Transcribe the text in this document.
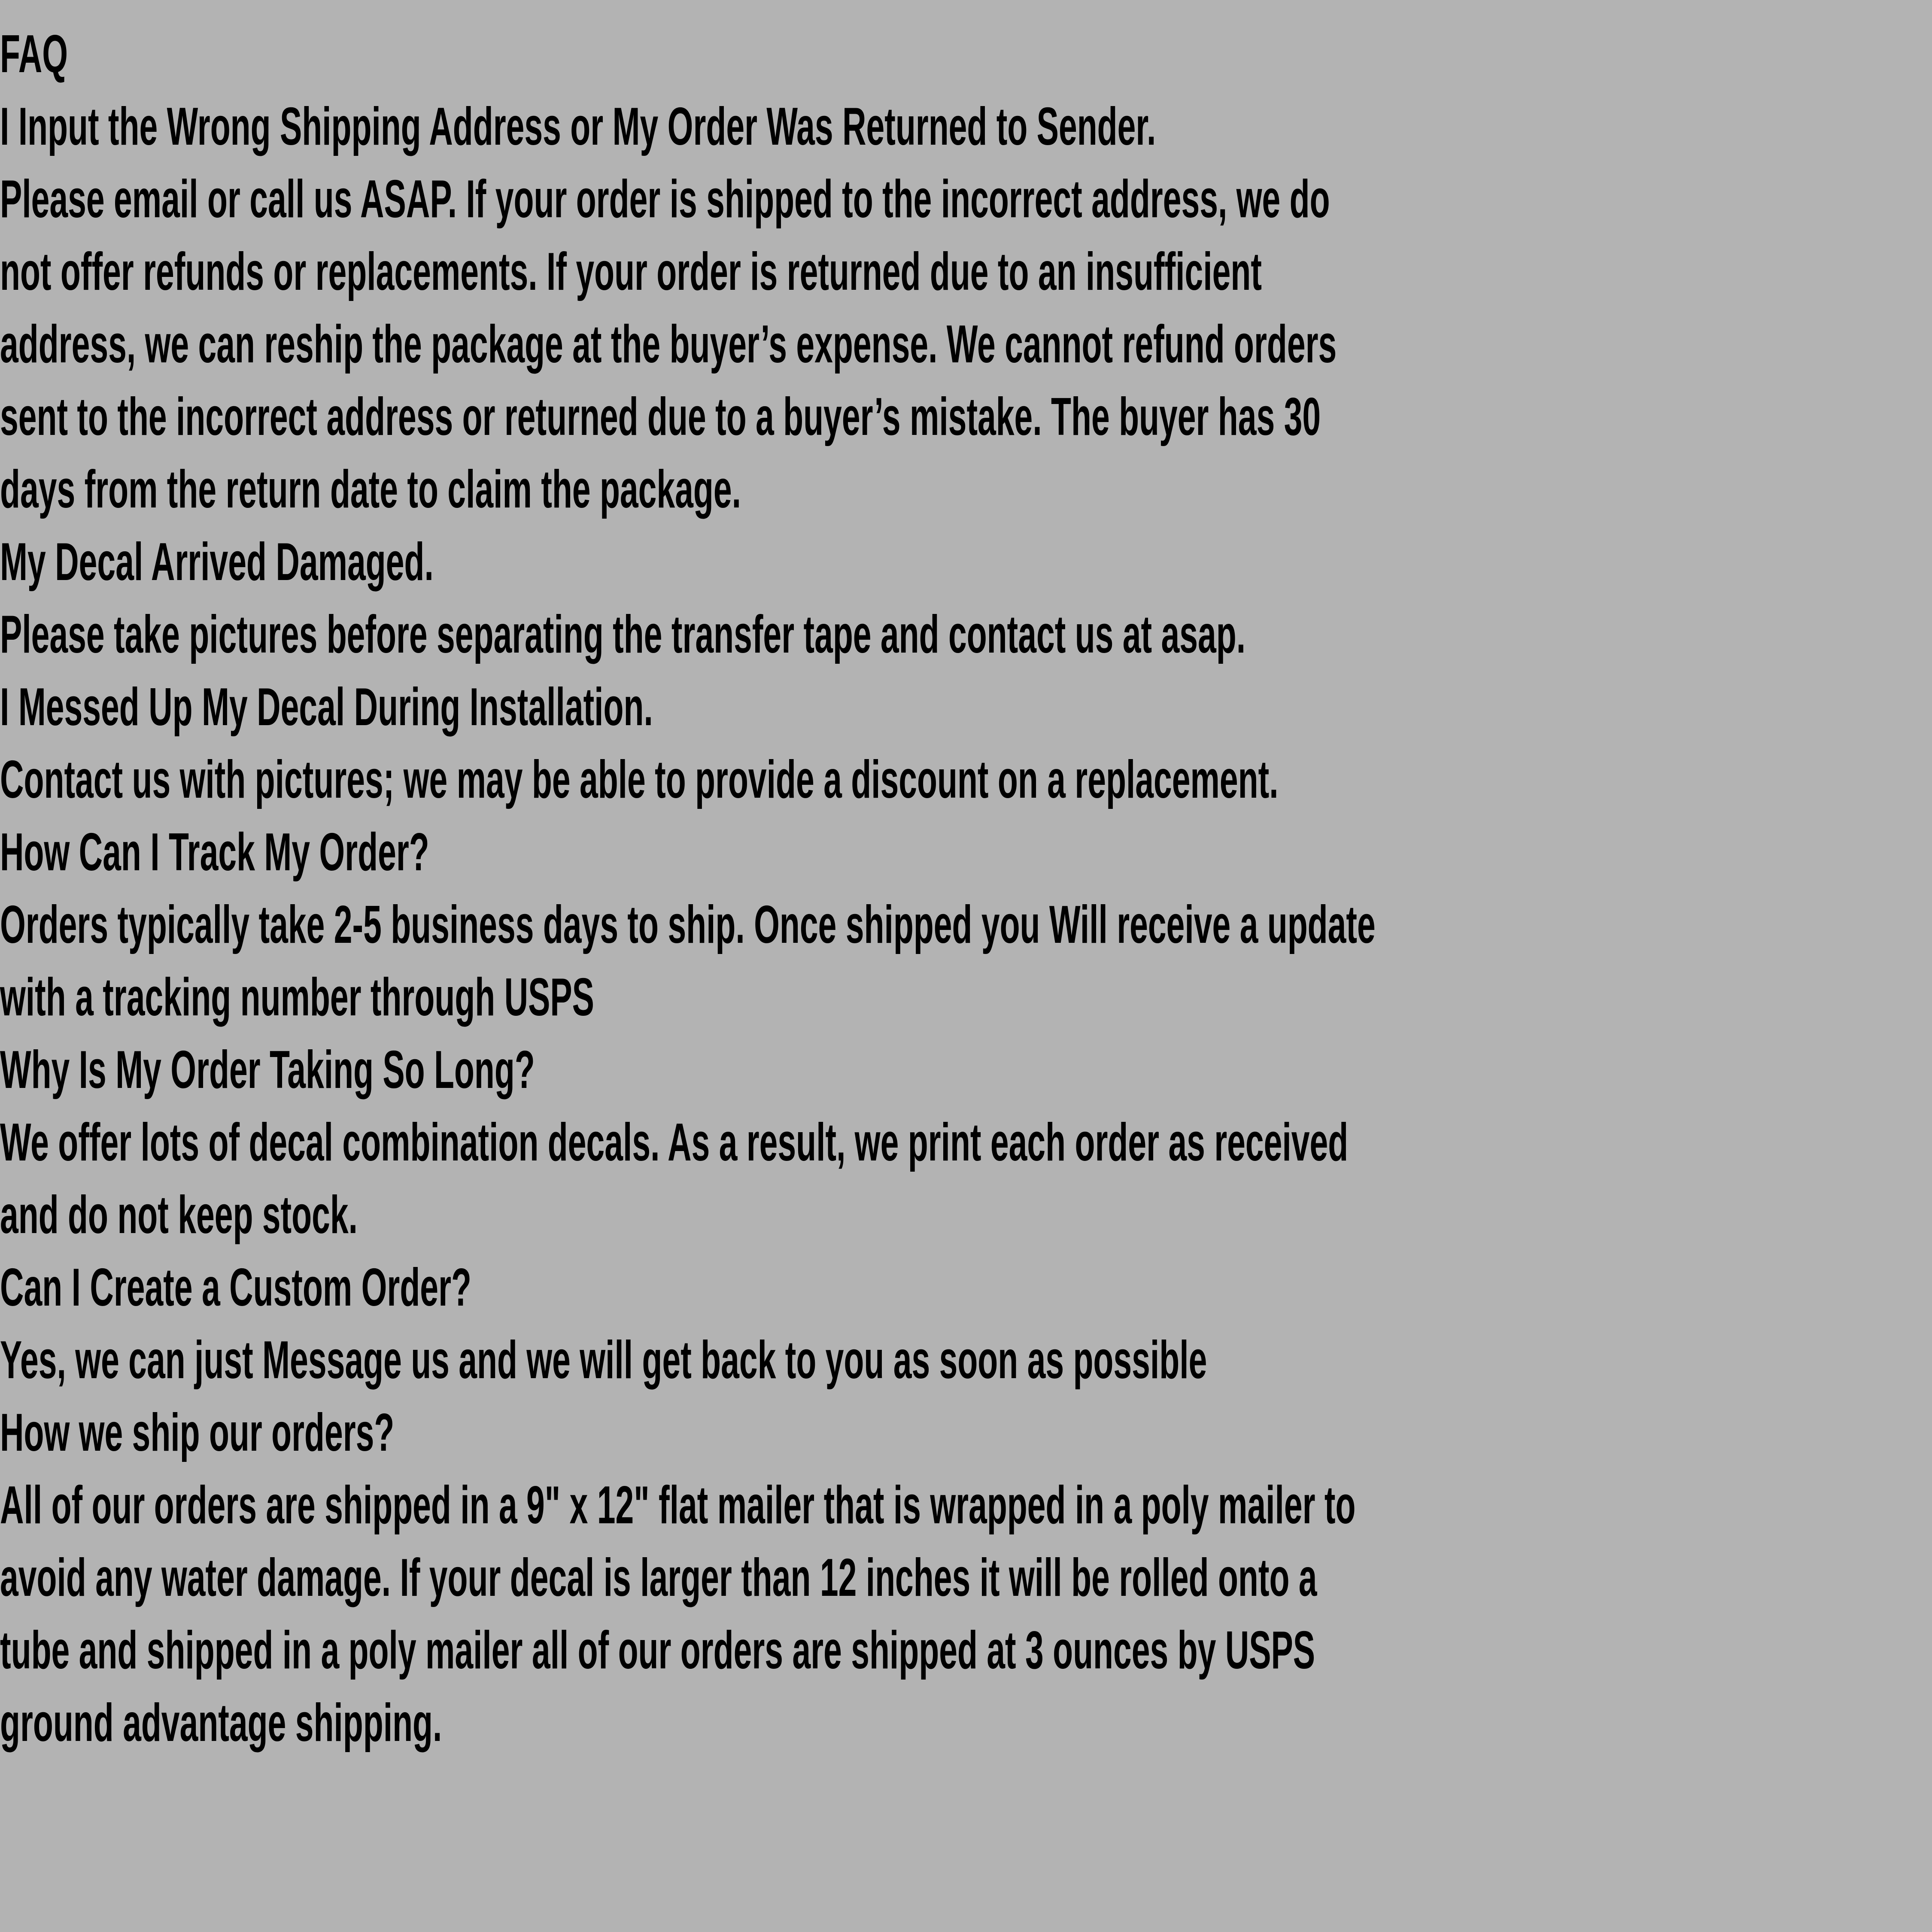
FAQ
I Input the Wrong Shipping Address or My Order Was Returned to Sender.
Please email or call us ASAP. If your order is shipped to the incorrect address, we do
not offer refunds or replacements. If your order is returned due to an insufficient
address, we can reship the package at the buyer’s expense. We cannot refund orders
sent to the incorrect address or returned due to a buyer’s mistake. The buyer has 30
days from the return date to claim the package.
My Decal Arrived Damaged.
Please take pictures before separating the transfer tape and contact us at asap.
I Messed Up My Decal During Installation.
Contact us with pictures; we may be able to provide a discount on a replacement.
How Can I Track My Order?
Orders typically take 2-5 business days to ship. Once shipped you Will receive a update
with a tracking number through USPS
Why Is My Order Taking So Long?
We offer lots of decal combination decals. As a result, we print each order as received
and do not keep stock.
Can I Create a Custom Order?
Yes, we can just Message us and we will get back to you as soon as possible
How we ship our orders?
All of our orders are shipped in a 9" x 12" flat mailer that is wrapped in a poly mailer to
avoid any water damage. If your decal is larger than 12 inches it will be rolled onto a
tube and shipped in a poly mailer all of our orders are shipped at 3 ounces by USPS
ground advantage shipping.
